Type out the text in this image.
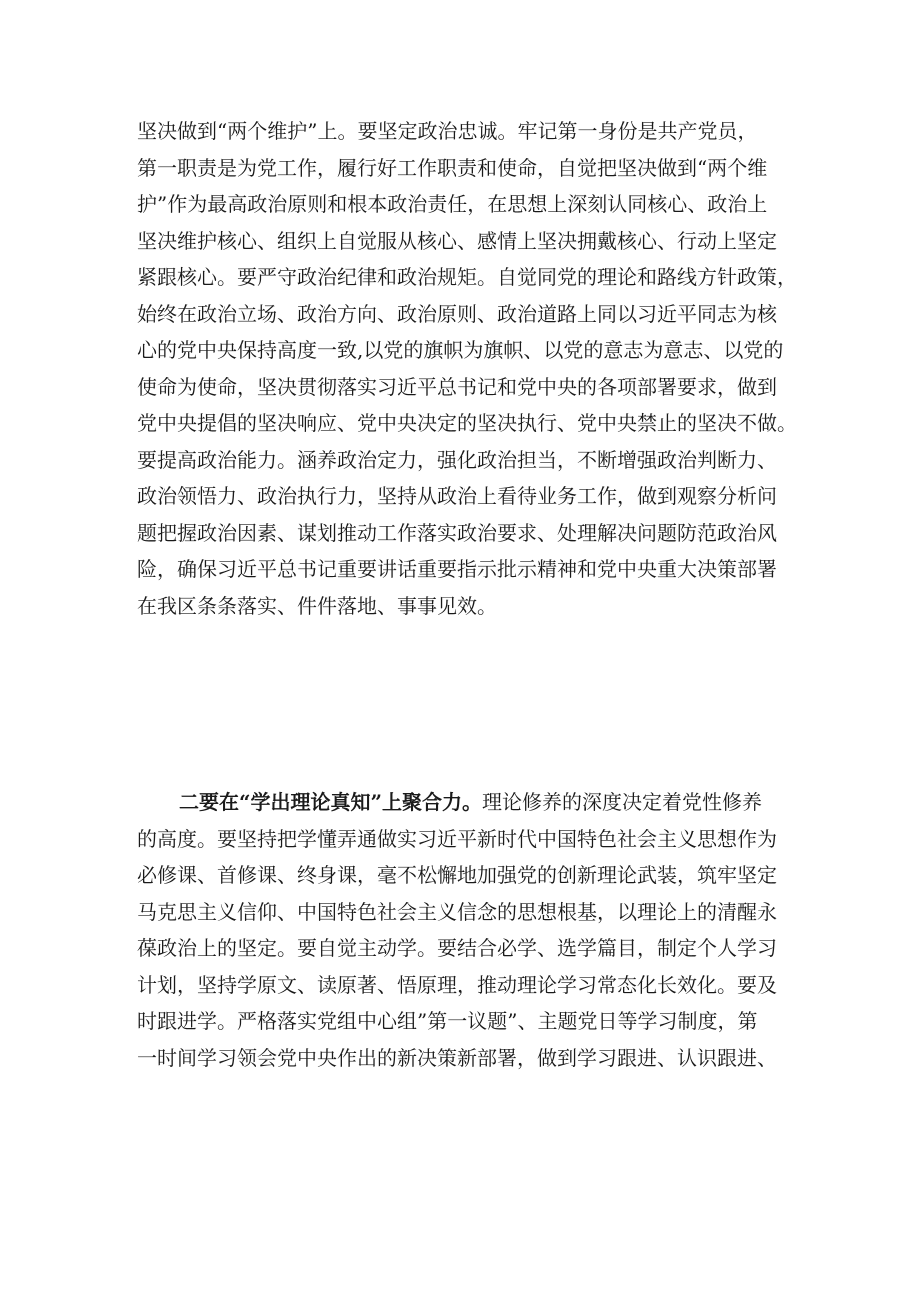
坚决做到“两个维护”上。要坚定政治忠诚。牢记第一身份是共产党员，
第一职责是为党工作，履行好工作职责和使命，自觉把坚决做到“两个维
护”作为最高政治原则和根本政治责任，在思想上深刻认同核心、政治上
坚决维护核心、组织上自觉服从核心、感情上坚决拥戴核心、行动上坚定
紧跟核心。要严守政治纪律和政治规矩。自觉同党的理论和路线方针政策，
始终在政治立场、政治方向、政治原则、政治道路上同以习近平同志为核
心的党中央保持高度一致,以党的旗帜为旗帜、以党的意志为意志、以党的
使命为使命，坚决贯彻落实习近平总书记和党中央的各项部署要求，做到
党中央提倡的坚决响应、党中央决定的坚决执行、党中央禁止的坚决不做。
要提高政治能力。涵养政治定力，强化政治担当，不断增强政治判断力、
政治领悟力、政治执行力，坚持从政治上看待业务工作，做到观察分析问
题把握政治因素、谋划推动工作落实政治要求、处理解决问题防范政治风
险，确保习近平总书记重要讲话重要指示批示精神和党中央重大决策部署
在我区条条落实、件件落地、事事见效。
二要在“学出理论真知”上聚合力。理论修养的深度决定着党性修养
的高度。要坚持把学懂弄通做实习近平新时代中国特色社会主义思想作为
必修课、首修课、终身课，毫不松懈地加强党的创新理论武装，筑牢坚定
马克思主义信仰、中国特色社会主义信念的思想根基，以理论上的清醒永
葆政治上的坚定。要自觉主动学。要结合必学、选学篇目，制定个人学习
计划，坚持学原文、读原著、悟原理，推动理论学习常态化长效化。要及
时跟进学。严格落实党组中心组”第一议题”、主题党日等学习制度，第
一时间学习领会党中央作出的新决策新部署，做到学习跟进、认识跟进、
